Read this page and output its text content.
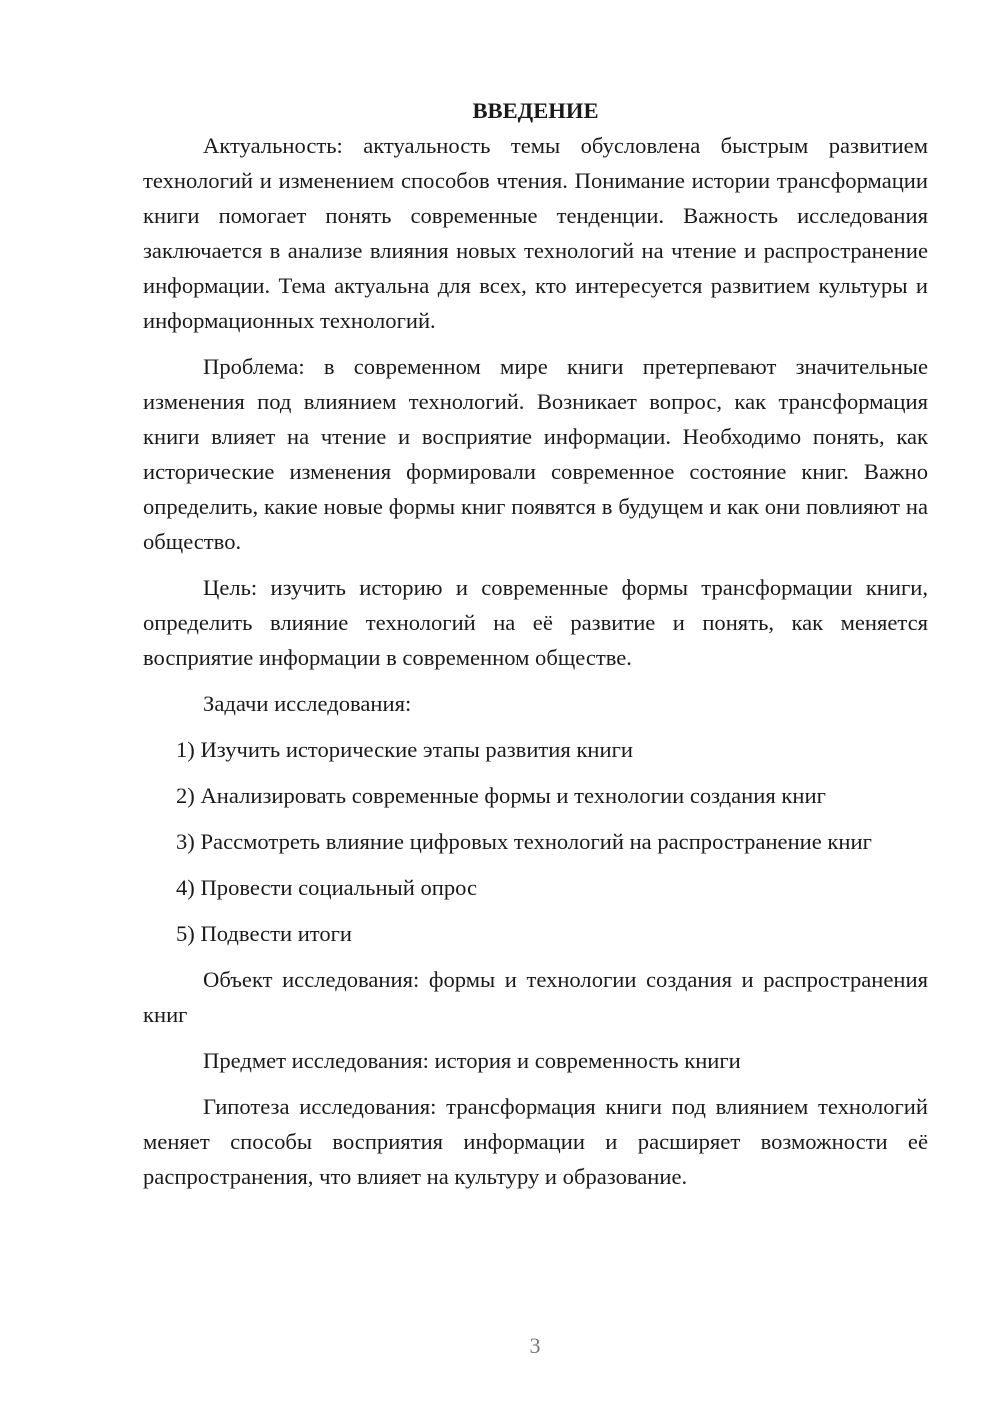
ВВЕДЕНИЕ

Актуальность: актуальность темы обусловлена быстрым развитием технологий и изменением способов чтения. Понимание истории трансформации книги помогает понять современные тенденции. Важность исследования заключается в анализе влияния новых технологий на чтение и распространение информации. Тема актуальна для всех, кто интересуется развитием культуры и информационных технологий.

Проблема: в современном мире книги претерпевают значительные изменения под влиянием технологий. Возникает вопрос, как трансформация книги влияет на чтение и восприятие информации. Необходимо понять, как исторические изменения формировали современное состояние книг. Важно определить, какие новые формы книг появятся в будущем и как они повлияют на общество.

Цель: изучить историю и современные формы трансформации книги, определить влияние технологий на её развитие и понять, как меняется восприятие информации в современном обществе.

Задачи исследования:

1) Изучить исторические этапы развития книги

2) Анализировать современные формы и технологии создания книг

3) Рассмотреть влияние цифровых технологий на распространение книг

4) Провести социальный опрос

5) Подвести итоги

Объект исследования: формы и технологии создания и распространения книг

Предмет исследования: история и современность книги

Гипотеза исследования: трансформация книги под влиянием технологий меняет способы восприятия информации и расширяет возможности её распространения, что влияет на культуру и образование.

3
